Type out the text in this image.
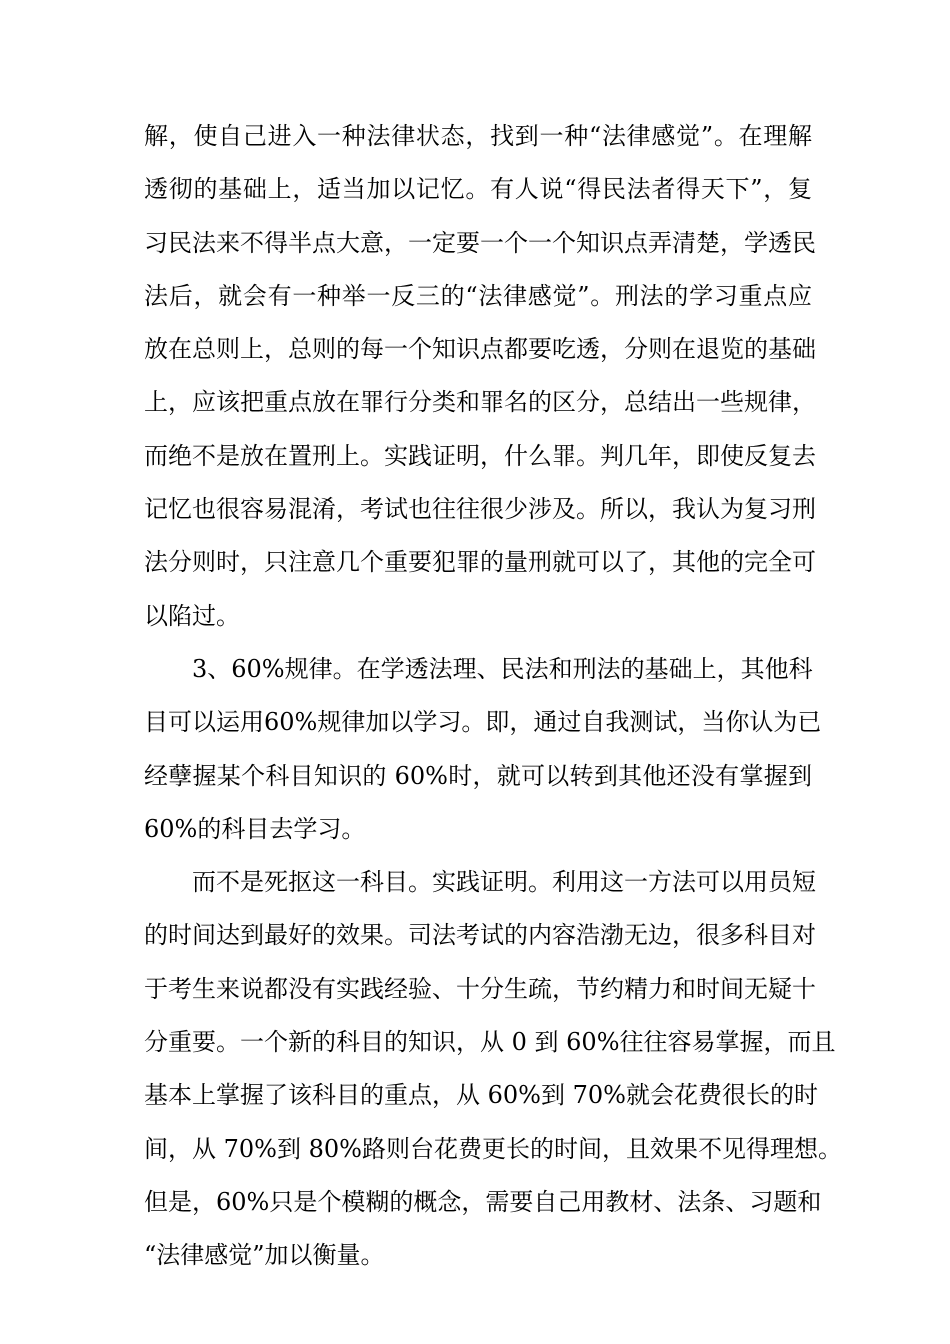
解，使自己进入一种法律状态，找到一种“法律感觉”。在理解
透彻的基础上，适当加以记忆。有人说“得民法者得天下”，复
习民法来不得半点大意，一定要一个一个知识点弄清楚，学透民
法后，就会有一种举一反三的“法律感觉”。刑法的学习重点应
放在总则上，总则的每一个知识点都要吃透，分则在退览的基础
上，应该把重点放在罪行分类和罪名的区分，总结出一些规律，
而绝不是放在置刑上。实践证明，什么罪。判几年，即使反复去
记忆也很容易混淆，考试也往往很少涉及。所以，我认为复习刑
法分则时，只注意几个重要犯罪的量刑就可以了，其他的完全可
以陷过。
3、60%规律。在学透法理、民法和刑法的基础上，其他科
目可以运用60%规律加以学习。即，通过自我测试，当你认为已
经孽握某个科目知识的 60%时，就可以转到其他还没有掌握到
60%的科目去学习。
而不是死抠这一科目。实践证明。利用这一方法可以用员短
的时间达到最好的效果。司法考试的内容浩渤无边，很多科目对
于考生来说都没有实践经验、十分生疏，节约精力和时间无疑十
分重要。一个新的科目的知识，从 0 到 60%往往容易掌握，而且
基本上掌握了该科目的重点，从 60%到 70%就会花费很长的时
间，从 70%到 80%路则台花费更长的时间，且效果不见得理想。
但是，60%只是个模糊的概念，需要自己用教材、法条、习题和
“法律感觉”加以衡量。
